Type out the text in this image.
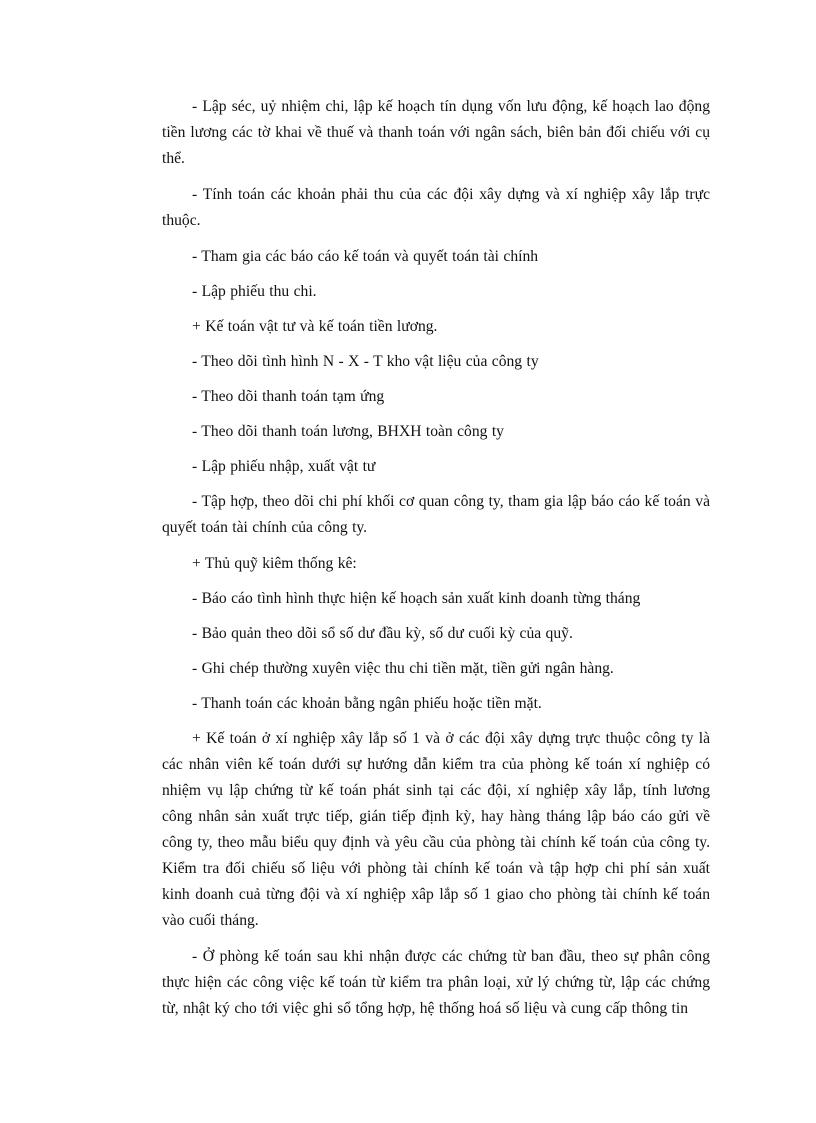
- Lập séc, uỷ nhiệm chi, lập kế hoạch tín dụng vốn lưu động, kế hoạch lao động tiền lương các tờ khai về thuế và thanh toán với ngân sách, biên bản đối chiếu với cụ thể.

- Tính toán các khoản phải thu của các đội xây dựng và xí nghiệp xây lắp trực thuộc.

- Tham gia các báo cáo kế toán và quyết toán tài chính

- Lập phiếu thu chi.

+ Kế toán vật tư và kế toán tiền lương.

- Theo dõi tình hình N - X - T kho vật liệu của công ty

- Theo dõi thanh toán tạm ứng

- Theo dõi thanh toán lương, BHXH toàn công ty

- Lập phiếu nhập, xuất vật tư

- Tập hợp, theo dõi chi phí khối cơ quan công ty, tham gia lập báo cáo kế toán và quyết toán tài chính của công ty.

+ Thủ quỹ kiêm thống kê:

- Báo cáo tình hình thực hiện kế hoạch sản xuất kinh doanh từng tháng

- Bảo quản theo dõi sổ số dư đầu kỳ, số dư cuối kỳ của quỹ.

- Ghi chép thường xuyên việc thu chi tiền mặt, tiền gửi ngân hàng.

- Thanh toán các khoản bằng ngân phiếu hoặc tiền mặt.

+ Kế toán ở xí nghiệp xây lắp số 1 và ở các đội xây dựng trực thuộc công ty là các nhân viên kế toán dưới sự hướng dẫn kiểm tra của phòng kế toán xí nghiệp có nhiệm vụ lập chứng từ kế toán phát sinh tại các đội, xí nghiệp xây lắp, tính lương công nhân sản xuất trực tiếp, gián tiếp định kỳ, hay hàng tháng lập báo cáo gửi về công ty, theo mẫu biểu quy định và yêu cầu của phòng tài chính kế toán của công ty. Kiểm tra đối chiếu số liệu với phòng tài chính kế toán và tập hợp chi phí sản xuất kinh doanh cuả từng đội và xí nghiệp xâp lắp số 1 giao cho phòng tài chính kế toán vào cuối tháng.

- Ở phòng kế toán sau khi nhận được các chứng từ ban đầu, theo sự phân công thực hiện các công việc kế toán từ kiểm tra phân loại, xử lý chứng từ, lập các chứng từ, nhật ký cho tới việc ghi sổ tổng hợp, hệ thống hoá số liệu và cung cấp thông tin
